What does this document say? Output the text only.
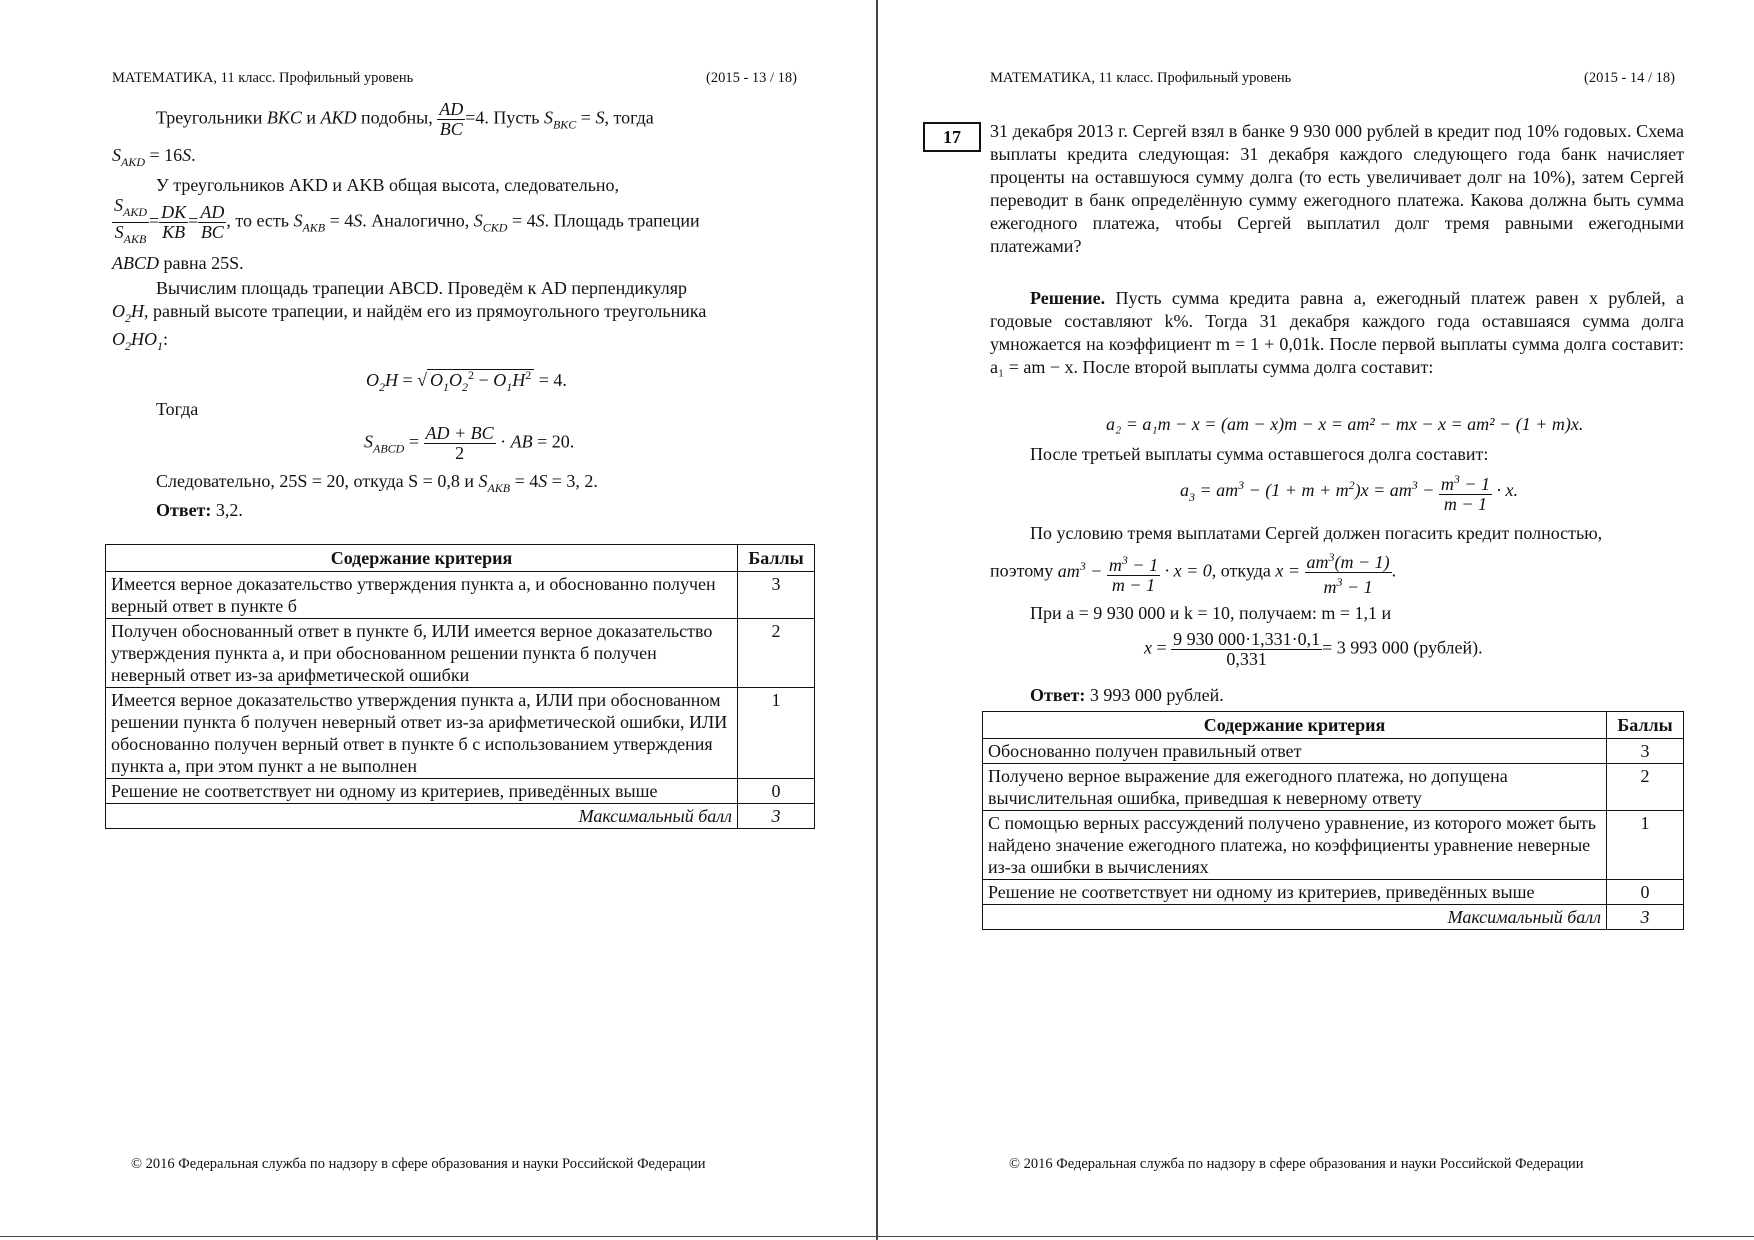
МАТЕМАТИКА, 11 класс. Профильный уровень	(2015 - 13 / 18)
Треугольники BKC и AKD подобны, $\frac{AD}{BC} =4$. Пусть $S_{BKC} = S$, тогда
$S_{AKD} = 16S$.
У треугольников AKD и AKB общая высота, следовательно,
$\frac{S_{AKD}}{S_{AKB}} = \frac{DK}{KB} = \frac{AD}{BC}$ , то есть $S_{AKB} = 4S$. Аналогично, $S_{CKD} = 4S$. Площадь трапеции
ABCD равна 25S.
Вычислим площадь трапеции ABCD. Проведём к AD перпендикуляр
$O_2H$, равный высоте трапеции, и найдём его из прямоугольного треугольника
$O_2HO_1$:
$O_2H$ = √ $O_1O_2^2 - O_1H^2 = 4$.
Тогда
$S_{ABCD} = \frac{AD + BC}{2}$ · AB = 20.
Следовательно, 25S = 20, откуда S = 0,8 и $S_{AKB} = 4S = 3$, 2.
Ответ: 3,2.
Содержание критерия	Баллы
Имеется верное доказательство утверждения пункта а, и обоснованно получен верный ответ в пункте б	3
Получен обоснованный ответ в пункте б, ИЛИ имеется верное доказательство утверждения пункта а, и при обоснованном решении пункта б получен неверный ответ из-за арифметической ошибки	2
Имеется верное доказательство утверждения пункта а, ИЛИ при обоснованном решении пункта б получен неверный ответ из-за арифметической ошибки, ИЛИ обоснованно получен верный ответ в пункте б с использованием утверждения пункта а, при этом пункт а не выполнен	1
Решение не соответствует ни одному из критериев, приведённых выше	0
Максимальный балл	3
© 2016 Федеральная служба по надзору в сфере образования и науки Российской Федерации
МАТЕМАТИКА, 11 класс. Профильный уровень	(2015 - 14 / 18)
17	31 декабря 2013 г. Сергей взял в банке 9 930 000 рублей в кредит под 10% годовых. Схема выплаты кредита следующая: 31 декабря каждого следующего года банк начисляет проценты на оставшуюся сумму долга (то есть увеличивает долг на 10%), затем Сергей переводит в банк определённую сумму ежегодного платежа. Какова должна быть сумма ежегодного платежа, чтобы Сергей выплатил долг тремя равными ежегодными платежами?
Решение. Пусть сумма кредита равна a, ежегодный платеж равен x рублей, а годовые составляют k%. Тогда 31 декабря каждого года оставшаяся сумма долга умножается на коэффициент m = 1 + 0,01k. После первой выплаты сумма долга составит: a₁ = am − x. После второй выплаты сумма долга составит:
a₂ = a₁m − x = (am − x)m − x = am² − mx − x = am² − (1 + m)x.
После третьей выплаты сумма оставшегося долга составит:
$a_3 = am^3 - (1 + m + m^2)x = am^3 - \frac{m^3 - 1}{m - 1} \cdot x$.
По условию тремя выплатами Сергей должен погасить кредит полностью,
поэтому $am^3 - \frac{m^3 - 1}{m - 1} \cdot x = 0$, откуда $x = \frac{am^3(m - 1)}{m^3 - 1}$ .
При a = 9 930 000 и k = 10, получаем: m = 1,1 и
$x = \frac{9 930 000\cdot 1,331\cdot 0,1}{0,331} = 3$ 993 000 (рублей).
Ответ: 3 993 000 рублей.
Содержание критерия	Баллы
Обоснованно получен правильный ответ	3
Получено верное выражение для ежегодного платежа, но допущена вычислительная ошибка, приведшая к неверному ответу	2
С помощью верных рассуждений получено уравнение, из которого может быть найдено значение ежегодного платежа, но коэффициенты уравнение неверные из-за ошибки в вычислениях	1
Решение не соответствует ни одному из критериев, приведённых выше	0
Максимальный балл	3
© 2016 Федеральная служба по надзору в сфере образования и науки Российской Федерации
